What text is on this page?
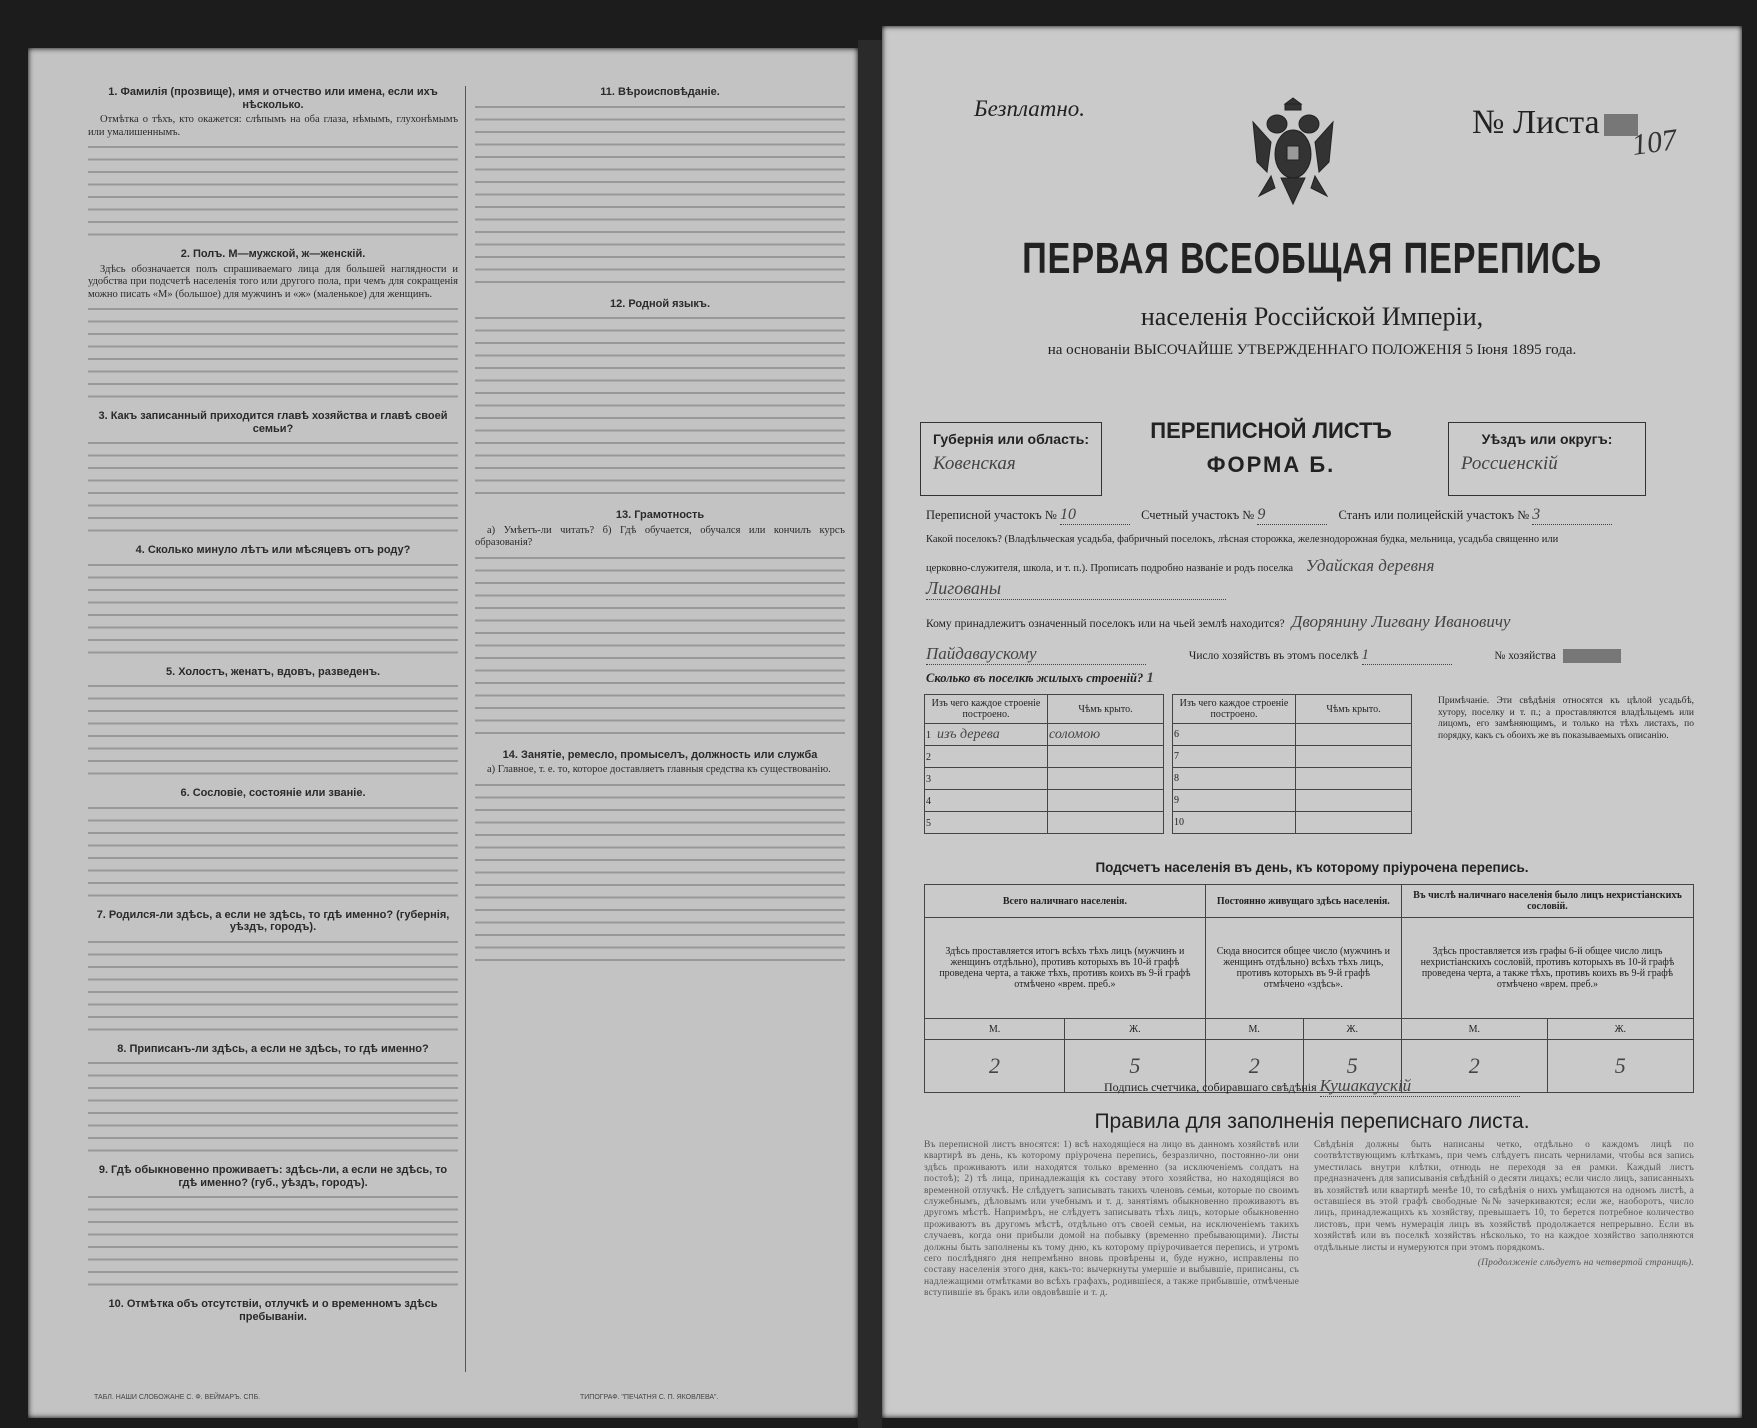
1. Фамилія (прозвище), имя и отчество или имена, если ихъ нѣсколько.

Отмѣтка о тѣхъ, кто окажется: слѣпымъ на оба глаза, нѣмымъ, глухонѣмымъ или умалишеннымъ.

2. Полъ. М—мужской, ж—женскій.

Здѣсь обозначается полъ спрашиваемаго лица для большей наглядности и удобства при подсчетѣ населенія того или другого пола, при чемъ для сокращенія можно писать «М» (большое) для мужчинъ и «ж» (маленькое) для женщинъ.

3. Какъ записанный приходится главѣ хозяйства и главѣ своей семьи?

4. Сколько минуло лѣтъ или мѣсяцевъ отъ роду?

5. Холостъ, женатъ, вдовъ, разведенъ.

6. Сословіе, состояніе или званіе.

7. Родился-ли здѣсь, а если не здѣсь, то гдѣ именно? (губернія, уѣздъ, городъ).

8. Приписанъ-ли здѣсь, а если не здѣсь, то гдѣ именно?

9. Гдѣ обыкновенно проживаетъ: здѣсь-ли, а если не здѣсь, то гдѣ именно? (губ., уѣздъ, городъ).

10. Отмѣтка объ отсутствіи, отлучкѣ и о временномъ здѣсь пребываніи.
11. Вѣроисповѣданіе.

12. Родной языкъ.

13. Грамотность

а) Умѣетъ-ли читать? б) Гдѣ обучается, обучался или кончилъ курсъ образованія?

14. Занятіе, ремесло, промыселъ, должность или служба

а) Главное, т. е. то, которое доставляетъ главныя средства къ существованію.

ТАБЛ. НАШИ СЛОБОЖАНЕ С. Ф. ВЕЙМАРЪ. СПБ.	ТИПОГРАФ. "ПЕЧАТНЯ С. П. ЯКОВЛЕВА".
Безплатно.	№ Листа
107
ПЕРВАЯ ВСЕОБЩАЯ ПЕРЕПИСЬ
населенія Россійской Имперіи,
на основаніи ВЫСОЧАЙШЕ УТВЕРЖДЕННАГО ПОЛОЖЕНІЯ 5 Іюня 1895 года.
Губернія или область:
Ковенская
ПЕРЕПИСНОЙ ЛИСТЪ
ФОРМА Б.
Уѣздъ или округъ:
Россиенскій
Переписной участокъ № 10	Счетный участокъ № 9	Станъ или полицейскій участокъ № 3
Какой поселокъ? (Владѣльческая усадьба, фабричный поселокъ, лѣсная сторожка, железнодорожная будка, мельница, усадьба священно или
церковно-служителя, школа, и т. п.). Прописать подробно названіе и родъ поселка Удайская деревня
Лигованы
Кому принадлежитъ означенный поселокъ или на чьей землѣ находится? Дворянину Лигвану Ивановичу
Пайдаваускому	Число хозяйствъ въ этомъ поселкѣ 1	№ хозяйства
Сколько въ поселкѣ жилыхъ строеній? 1
Изъ чего каждое строеніе построено.	Чѣмъ крыто.
1 изъ дерева	соломою
2	
3	
4	
5	
Изъ чего каждое строеніе построено.	Чѣмъ крыто.
6	
7	
8	
9	
10	
Примѣчаніе. Эти свѣдѣнія относятся къ цѣлой усадьбѣ, хутору, поселку и т. п.; а проставляются владѣльцемъ или лицомъ, его замѣняющимъ, и только на тѣхъ листахъ, по порядку, какъ съ обоихъ же въ показываемыхъ описанію.
Подсчетъ населенія въ день, къ которому пріурочена перепись.
Всего наличнаго населенія.		Постоянно живущаго здѣсь населенія.		Въ числѣ наличнаго населенія было лицъ нехристіанскихъ сословій.	
Здѣсь проставляется итогъ всѣхъ тѣхъ лицъ (мужчинъ и женщинъ отдѣльно), противъ которыхъ въ 10-й графѣ проведена черта, а также тѣхъ, противъ коихъ въ 9-й графѣ отмѣчено «врем. преб.»		Сюда вносится общее число (мужчинъ и женщинъ отдѣльно) всѣхъ тѣхъ лицъ, противъ которыхъ въ 9-й графѣ отмѣчено «здѣсь».		Здѣсь проставляется изъ графы 6-й общее число лицъ нехристіанскихъ сословій, противъ которыхъ въ 10-й графѣ проведена черта, а также тѣхъ, противъ коихъ въ 9-й графѣ отмѣчено «врем. преб.»	
М.	Ж.	М.	Ж.	М.	Ж.
2	5	2	5	2	5
Подпись счетчика, собиравшаго свѣдѣнія Кушакаускій
Правила для заполненія переписнаго листа.
Въ переписной листъ вносятся: 1) всѣ находящіеся на лицо въ данномъ хозяйствѣ или квартирѣ въ день, къ которому пріурочена перепись, безразлично, постоянно-ли они здѣсь проживаютъ или находятся только временно (за исключеніемъ солдатъ на постоѣ); 2) тѣ лица, принадлежащія къ составу этого хозяйства, но находящіяся во временной отлучкѣ. Не слѣдуетъ записывать такихъ членовъ семьи, которые по своимъ служебнымъ, дѣловымъ или учебнымъ и т. д. занятіямъ обыкновенно проживаютъ въ другомъ мѣстѣ. Напримѣръ, не слѣдуетъ записывать тѣхъ лицъ, которые обыкновенно проживаютъ въ другомъ мѣстѣ, отдѣльно отъ своей семьи, на исключеніемъ такихъ случаевъ, когда они прибыли домой на побывку (временно пребывающими). Листы должны быть заполнены къ тому дню, къ которому пріурочивается перепись, и утромъ сего послѣдняго дня непремѣнно вновь провѣрены и, буде нужно, исправлены по составу населенія этого дня, какъ-то: вычеркнуты умершіе и выбывшіе, приписаны, съ надлежащими отмѣтками во всѣхъ графахъ, родившіеся, а также прибывшіе, отмѣченые вступившіе въ бракъ или овдовѣвшіе и т. д.
Свѣдѣнія должны быть написаны четко, отдѣльно о каждомъ лицѣ по соотвѣтствующимъ клѣткамъ, при чемъ слѣдуетъ писать чернилами, чтобы вся запись уместилась внутри клѣтки, отнюдь не переходя за ея рамки. Каждый листъ предназначенъ для записыванія свѣдѣній о десяти лицахъ; если число лицъ, записанныхъ въ хозяйствѣ или квартирѣ менѣе 10, то свѣдѣнія о нихъ умѣщаются на одномъ листѣ, а оставшіеся въ этой графѣ свободные №№ зачеркиваются; если же, наоборотъ, число лицъ, принадлежащихъ къ хозяйству, превышаетъ 10, то берется потребное количество листовъ, при чемъ нумерація лицъ въ хозяйствѣ продолжается непрерывно. Если въ хозяйствѣ или въ поселкѣ хозяйствъ нѣсколько, то на каждое хозяйство заполняются отдѣльные листы и нумеруются при этомъ порядкомъ.
(Продолженіе слѣдуетъ на четвертой страницѣ).
